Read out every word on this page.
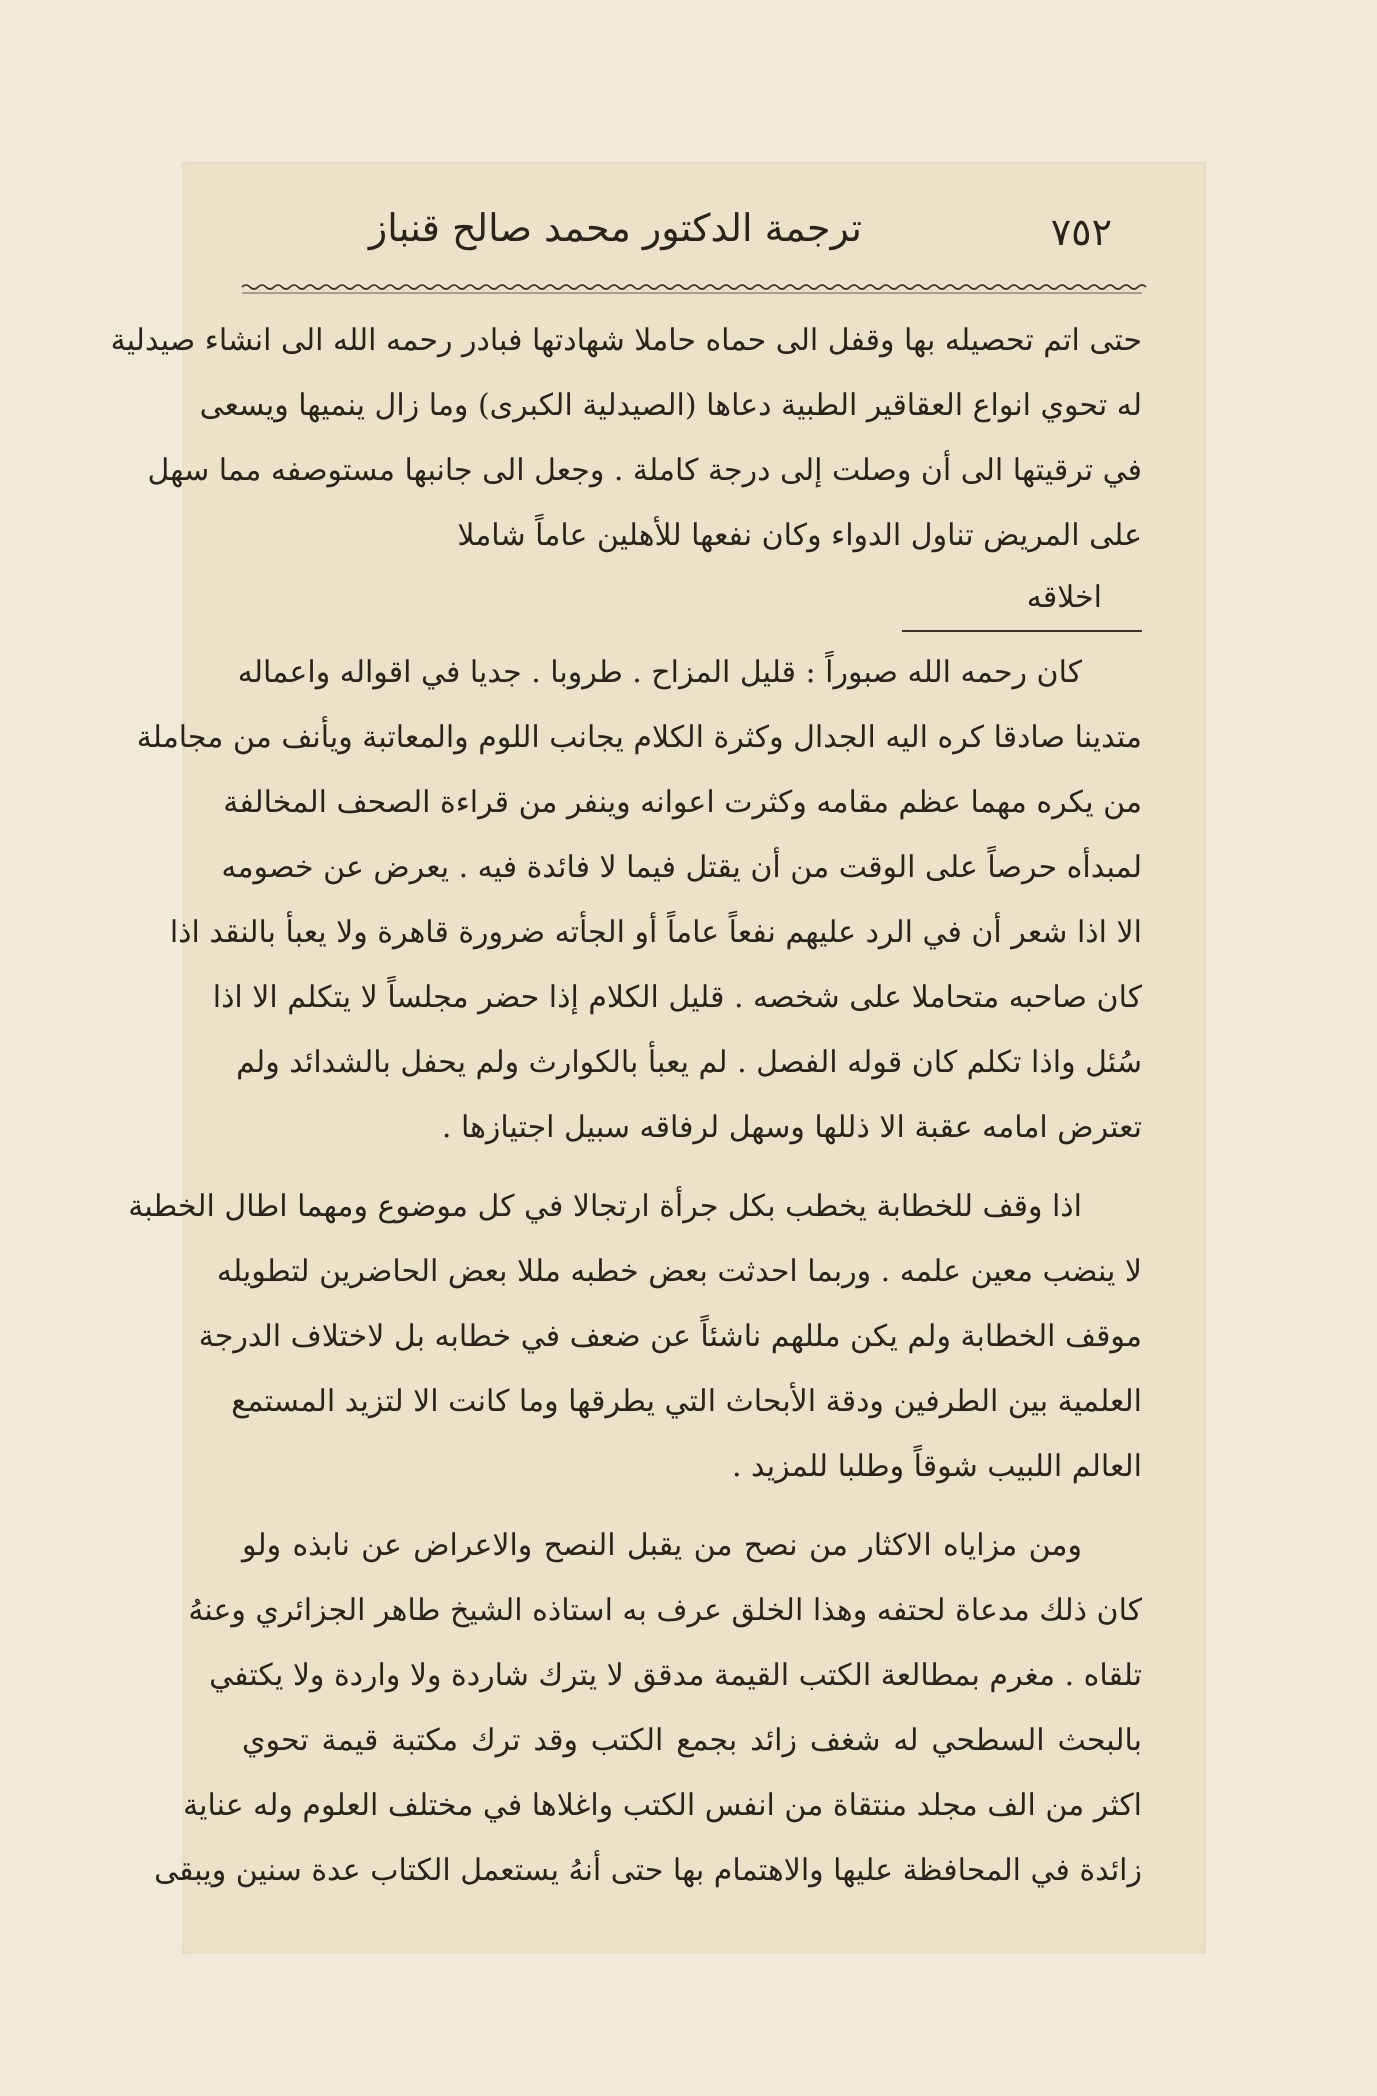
٧٥٢
ترجمة الدكتور محمد صالح قنباز
حتى اتم تحصيله بها وقفل الى حماه حاملا شهادتها فبادر رحمه الله الى انشاء صيدلية
له تحوي انواع العقاقير الطبية دعاها (الصيدلية الكبرى) وما زال ينميها ويسعى
في ترقيتها الى أن وصلت إلى درجة كاملة . وجعل الى جانبها مستوصفه مما سهل
على المريض تناول الدواء وكان نفعها للأهلين عاماً شاملا
اخلاقه
كان رحمه الله صبوراً : قليل المزاح . طروبا . جديا في اقواله واعماله
متدينا صادقا كره اليه الجدال وكثرة الكلام يجانب اللوم والمعاتبة ويأنف من مجاملة
من يكره مهما عظم مقامه وكثرت اعوانه وينفر من قراءة الصحف المخالفة
لمبدأه حرصاً على الوقت من أن يقتل فيما لا فائدة فيه . يعرض عن خصومه
الا اذا شعر أن في الرد عليهم نفعاً عاماً أو الجأته ضرورة قاهرة ولا يعبأ بالنقد اذا
كان صاحبه متحاملا على شخصه . قليل الكلام إذا حضر مجلساً لا يتكلم الا اذا
سُئل واذا تكلم كان قوله الفصل . لم يعبأ بالكوارث ولم يحفل بالشدائد ولم
تعترض امامه عقبة الا ذللها وسهل لرفاقه سبيل اجتيازها .
اذا وقف للخطابة يخطب بكل جرأة ارتجالا في كل موضوع ومهما اطال الخطبة
لا ينضب معين علمه . وربما احدثت بعض خطبه مللا بعض الحاضرين لتطويله
موقف الخطابة ولم يكن مللهم ناشئاً عن ضعف في خطابه بل لاختلاف الدرجة
العلمية بين الطرفين ودقة الأبحاث التي يطرقها وما كانت الا لتزيد المستمع
العالم اللبيب شوقاً وطلبا للمزيد .
ومن مزاياه الاكثار من نصح من يقبل النصح والاعراض عن نابذه ولو
كان ذلك مدعاة لحتفه وهذا الخلق عرف به استاذه الشيخ طاهر الجزائري وعنهُ
تلقاه . مغرم بمطالعة الكتب القيمة مدقق لا يترك شاردة ولا واردة ولا يكتفي
بالبحث السطحي له شغف زائد بجمع الكتب وقد ترك مكتبة قيمة تحوي
اكثر من الف مجلد منتقاة من انفس الكتب واغلاها في مختلف العلوم وله عناية
زائدة في المحافظة عليها والاهتمام بها حتى أنهُ يستعمل الكتاب عدة سنين ويبقى
